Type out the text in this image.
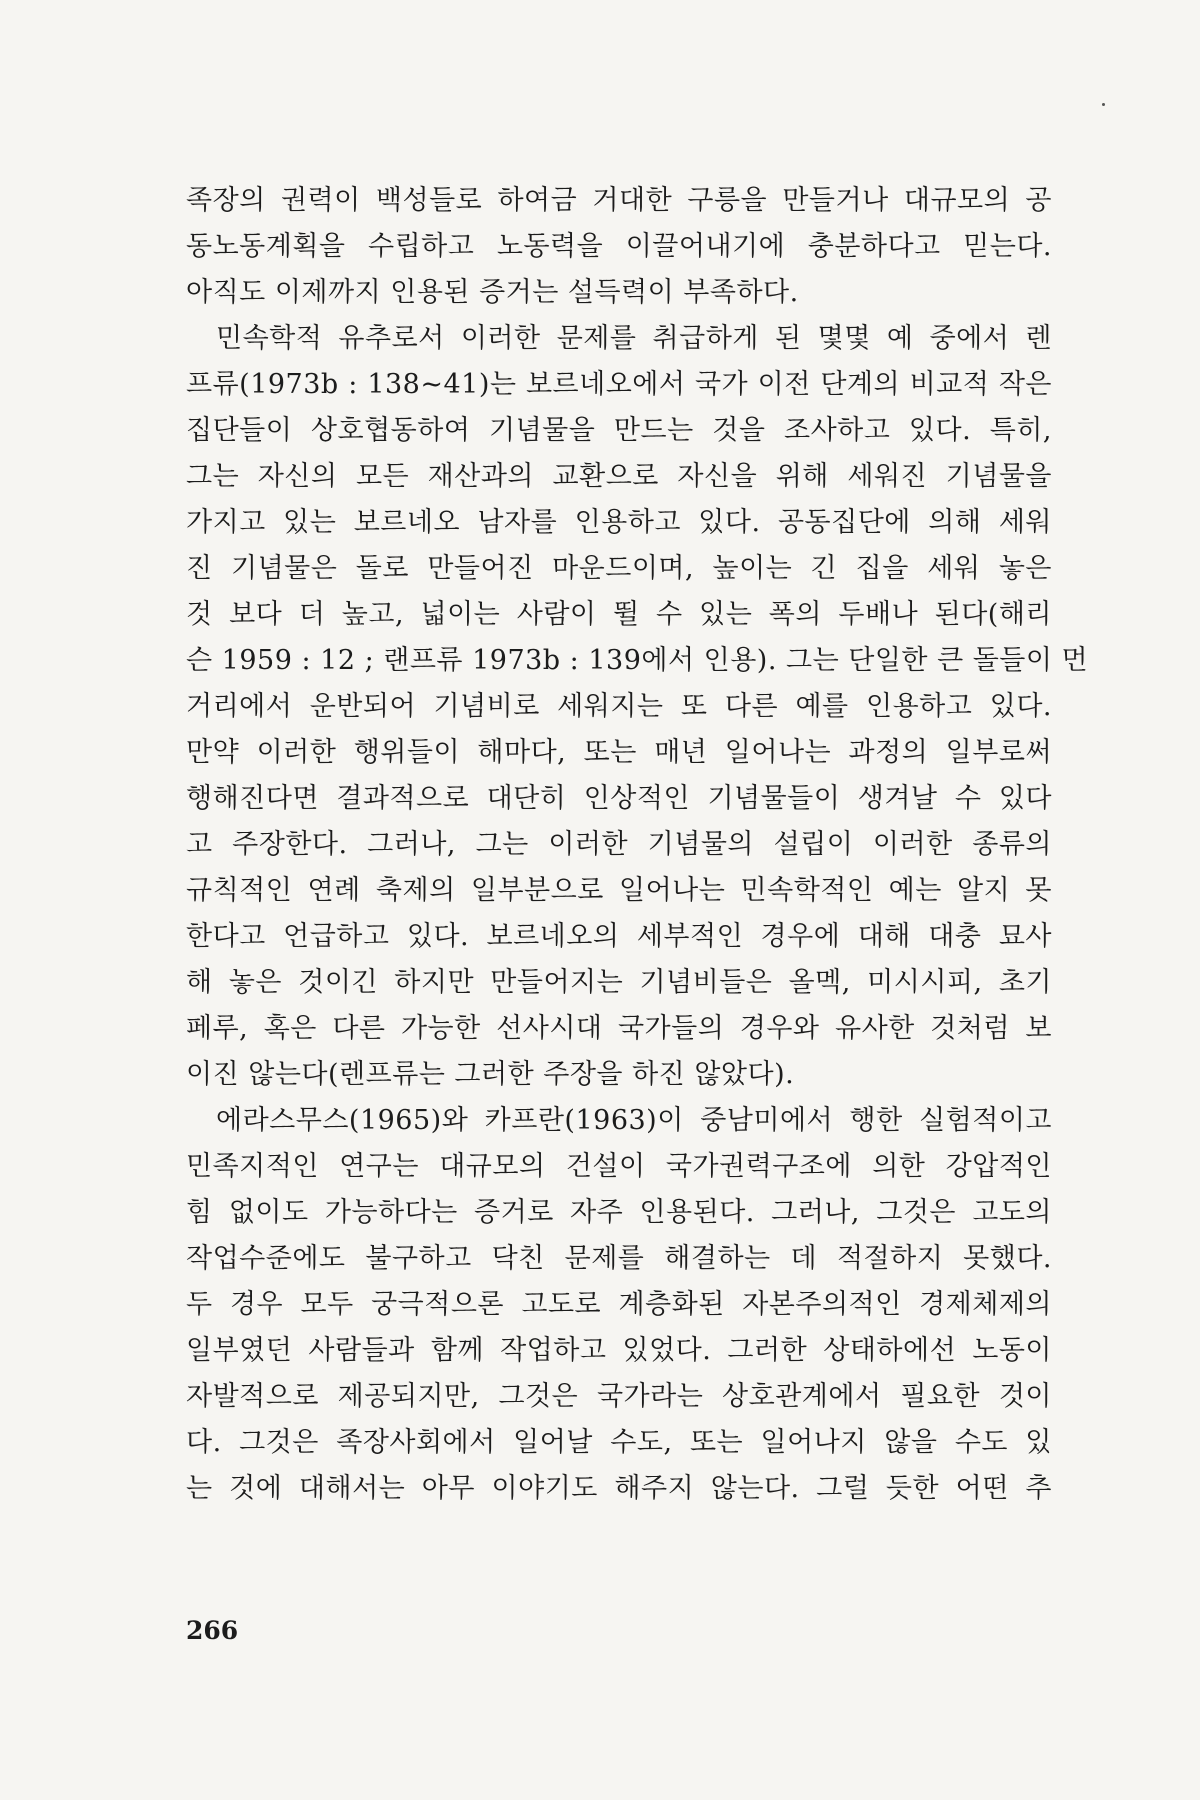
족장의 권력이 백성들로 하여금 거대한 구릉을 만들거나 대규모의 공
동노동계획을 수립하고 노동력을 이끌어내기에 충분하다고 믿는다.
아직도 이제까지 인용된 증거는 설득력이 부족하다.
민속학적 유추로서 이러한 문제를 취급하게 된 몇몇 예 중에서 렌
프류(1973b : 138~41)는 보르네오에서 국가 이전 단계의 비교적 작은
집단들이 상호협동하여 기념물을 만드는 것을 조사하고 있다. 특히,
그는 자신의 모든 재산과의 교환으로 자신을 위해 세워진 기념물을
가지고 있는 보르네오 남자를 인용하고 있다. 공동집단에 의해 세워
진 기념물은 돌로 만들어진 마운드이며, 높이는 긴 집을 세워 놓은
것 보다 더 높고, 넓이는 사람이 뛸 수 있는 폭의 두배나 된다(해리
슨 1959 : 12 ; 랜프류 1973b : 139에서 인용). 그는 단일한 큰 돌들이 먼
거리에서 운반되어 기념비로 세워지는 또 다른 예를 인용하고 있다.
만약 이러한 행위들이 해마다, 또는 매년 일어나는 과정의 일부로써
행해진다면 결과적으로 대단히 인상적인 기념물들이 생겨날 수 있다
고 주장한다. 그러나, 그는 이러한 기념물의 설립이 이러한 종류의
규칙적인 연례 축제의 일부분으로 일어나는 민속학적인 예는 알지 못
한다고 언급하고 있다. 보르네오의 세부적인 경우에 대해 대충 묘사
해 놓은 것이긴 하지만 만들어지는 기념비들은 올멕, 미시시피, 초기
페루, 혹은 다른 가능한 선사시대 국가들의 경우와 유사한 것처럼 보
이진 않는다(렌프류는 그러한 주장을 하진 않았다).
에라스무스(1965)와 카프란(1963)이 중남미에서 행한 실험적이고
민족지적인 연구는 대규모의 건설이 국가권력구조에 의한 강압적인
힘 없이도 가능하다는 증거로 자주 인용된다. 그러나, 그것은 고도의
작업수준에도 불구하고 닥친 문제를 해결하는 데 적절하지 못했다.
두 경우 모두 궁극적으론 고도로 계층화된 자본주의적인 경제체제의
일부였던 사람들과 함께 작업하고 있었다. 그러한 상태하에선 노동이
자발적으로 제공되지만, 그것은 국가라는 상호관계에서 필요한 것이
다. 그것은 족장사회에서 일어날 수도, 또는 일어나지 않을 수도 있
는 것에 대해서는 아무 이야기도 해주지 않는다. 그럴 듯한 어떤 추
266
